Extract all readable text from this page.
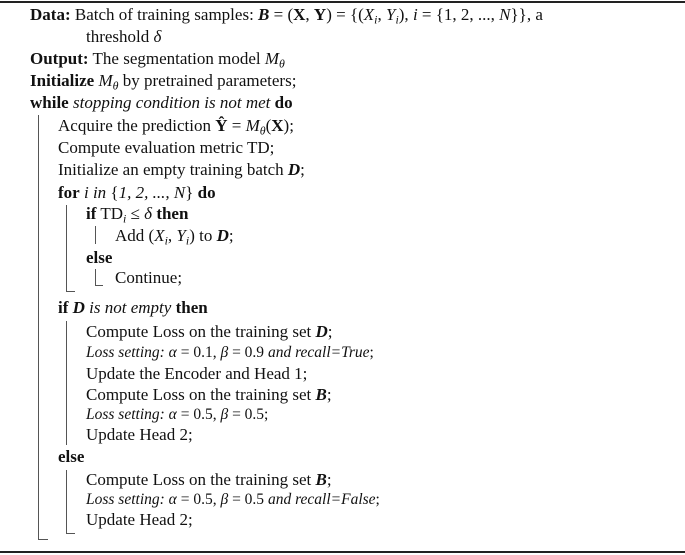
Data: Batch of training samples: B = (X, $Y) = \{(X_i$, $Y_i$), i = {1, 2, ..., N}}, a
threshold δ
Output: The segmentation model $M_\theta$
Initialize $M_\theta$ by pretrained parameters;
while stopping condition is not met do
Acquire the prediction Ŷ = $M_\theta(X)$;
Compute evaluation metric TD;
Initialize an empty training batch D;
for i in {1, 2, ..., N} do
if $TD_i \le \delta$ then
Add ($X_i$, $Y_i$) to D;
else
Continue;
if D is not empty then
Compute Loss on the training set D;
Loss setting: α = 0.1, β = 0.9 and recall=True;
Update the Encoder and Head 1;
Compute Loss on the training set B;
Loss setting: α = 0.5, β = 0.5;
Update Head 2;
else
Compute Loss on the training set B;
Loss setting: α = 0.5, β = 0.5 and recall=False;
Update Head 2;
